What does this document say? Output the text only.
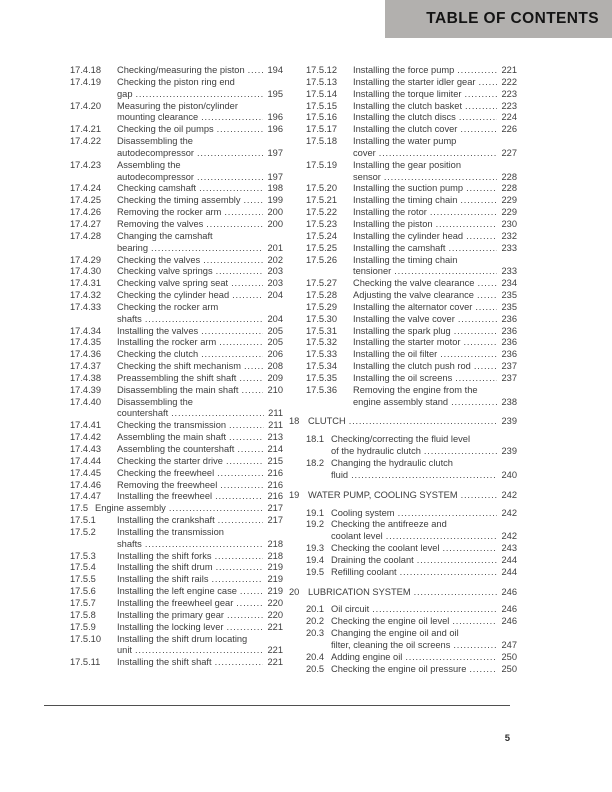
TABLE OF CONTENTS
17.4.18	Checking/measuring the piston ..... 194
17.4.19	Checking the piston ring end
gap .....	195
17.4.20	Measuring the piston/cylinder
mounting clearance .....	196
17.4.21	Checking the oil pumps .....	196
17.4.22	Disassembling the
autodecompressor .....	197
17.4.23	Assembling the
autodecompressor .....	197
17.4.24	Checking camshaft .....	198
17.4.25	Checking the timing assembly .....	199
17.4.26	Removing the rocker arm .....	200
17.4.27	Removing the valves .....	200
17.4.28	Changing the camshaft
bearing .....	201
17.4.29	Checking the valves .....	202
17.4.30	Checking valve springs .....	203
17.4.31	Checking valve spring seat .....	203
17.4.32	Checking the cylinder head .....	204
17.4.33	Checking the rocker arm
shafts .....	204
17.4.34	Installing the valves .....	205
17.4.35	Installing the rocker arm .....	205
17.4.36	Checking the clutch .....	206
17.4.37	Checking the shift mechanism .....	208
17.4.38	Preassembling the shift shaft .....	209
17.4.39	Disassembling the main shaft .....	210
17.4.40	Disassembling the
countershaft .....	211
17.4.41	Checking the transmission .....	211
17.4.42	Assembling the main shaft .....	213
17.4.43	Assembling the countershaft .....	214
17.4.44	Checking the starter drive .....	215
17.4.45	Checking the freewheel .....	216
17.4.46	Removing the freewheel .....	216
17.4.47	Installing the freewheel .....	216
17.5 Engine assembly .....	217
17.5.1	Installing the crankshaft .....	217
17.5.2	Installing the transmission
shafts .....	218
17.5.3	Installing the shift forks .....	218
17.5.4	Installing the shift drum .....	219
17.5.5	Installing the shift rails .....	219
17.5.6	Installing the left engine case .....	219
17.5.7	Installing the freewheel gear .....	220
17.5.8	Installing the primary gear .....	220
17.5.9	Installing the locking lever .....	221
17.5.10	Installing the shift drum locating
unit .....	221
17.5.11	Installing the shift shaft .....	221
17.5.12	Installing the force pump .....	221
17.5.13	Installing the starter idler gear .....	222
17.5.14	Installing the torque limiter .....	223
17.5.15	Installing the clutch basket .....	223
17.5.16	Installing the clutch discs .....	224
17.5.17	Installing the clutch cover .....	226
17.5.18	Installing the water pump
cover .....	227
17.5.19	Installing the gear position
sensor .....	228
17.5.20	Installing the suction pump .....	228
17.5.21	Installing the timing chain .....	229
17.5.22	Installing the rotor .....	229
17.5.23	Installing the piston .....	230
17.5.24	Installing the cylinder head .....	232
17.5.25	Installing the camshaft .....	233
17.5.26	Installing the timing chain
tensioner .....	233
17.5.27	Checking the valve clearance .....	234
17.5.28	Adjusting the valve clearance .....	235
17.5.29	Installing the alternator cover .....	235
17.5.30	Installing the valve cover .....	236
17.5.31	Installing the spark plug .....	236
17.5.32	Installing the starter motor .....	236
17.5.33	Installing the oil filter .....	236
17.5.34	Installing the clutch push rod .....	237
17.5.35	Installing the oil screens .....	237
17.5.36	Removing the engine from the
engine assembly stand .....	238
18 CLUTCH .....	239
18.1 Checking/correcting the fluid level
of the hydraulic clutch .....	239
18.2 Changing the hydraulic clutch
fluid .....	240
19 WATER PUMP, COOLING SYSTEM .....	242
19.1 Cooling system .....	242
19.2 Checking the antifreeze and
coolant level .....	242
19.3 Checking the coolant level .....	243
19.4 Draining the coolant .....	244
19.5 Refilling coolant .....	244
20 LUBRICATION SYSTEM .....	246
20.1 Oil circuit .....	246
20.2 Checking the engine oil level .....	246
20.3 Changing the engine oil and oil
filter, cleaning the oil screens .....	247
20.4 Adding engine oil .....	250
20.5 Checking the engine oil pressure .....	250
5
